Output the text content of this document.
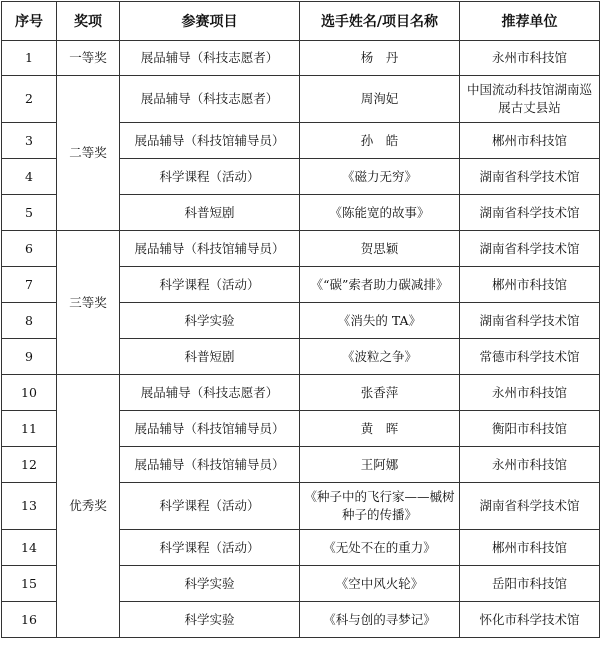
序号	奖项	参赛项目	选手姓名/项目名称	推荐单位
1	一等奖	展品辅导（科技志愿者）	杨　丹	永州市科技馆
2	二等奖	展品辅导（科技志愿者）	周洵妃	中国流动科技馆湖南巡展古丈县站
3		展品辅导（科技馆辅导员）	孙　皓	郴州市科技馆
4		科学课程（活动）	《磁力无穷》	湖南省科学技术馆
5		科普短剧	《陈能宽的故事》	湖南省科学技术馆
6	三等奖	展品辅导（科技馆辅导员）	贺思颖	湖南省科学技术馆
7		科学课程（活动）	《“碳”索者助力碳减排》	郴州市科技馆
8		科学实验	《消失的 TA》	湖南省科学技术馆
9		科普短剧	《波粒之争》	常德市科学技术馆
10	优秀奖	展品辅导（科技志愿者）	张香萍	永州市科技馆
11		展品辅导（科技馆辅导员）	黄　晖	衡阳市科技馆
12		展品辅导（科技馆辅导员）	王阿娜	永州市科技馆
13		科学课程（活动）	《种子中的飞行家——槭树种子的传播》	湖南省科学技术馆
14		科学课程（活动）	《无处不在的重力》	郴州市科技馆
15		科学实验	《空中风火轮》	岳阳市科技馆
16		科学实验	《科与创的寻梦记》	怀化市科学技术馆
